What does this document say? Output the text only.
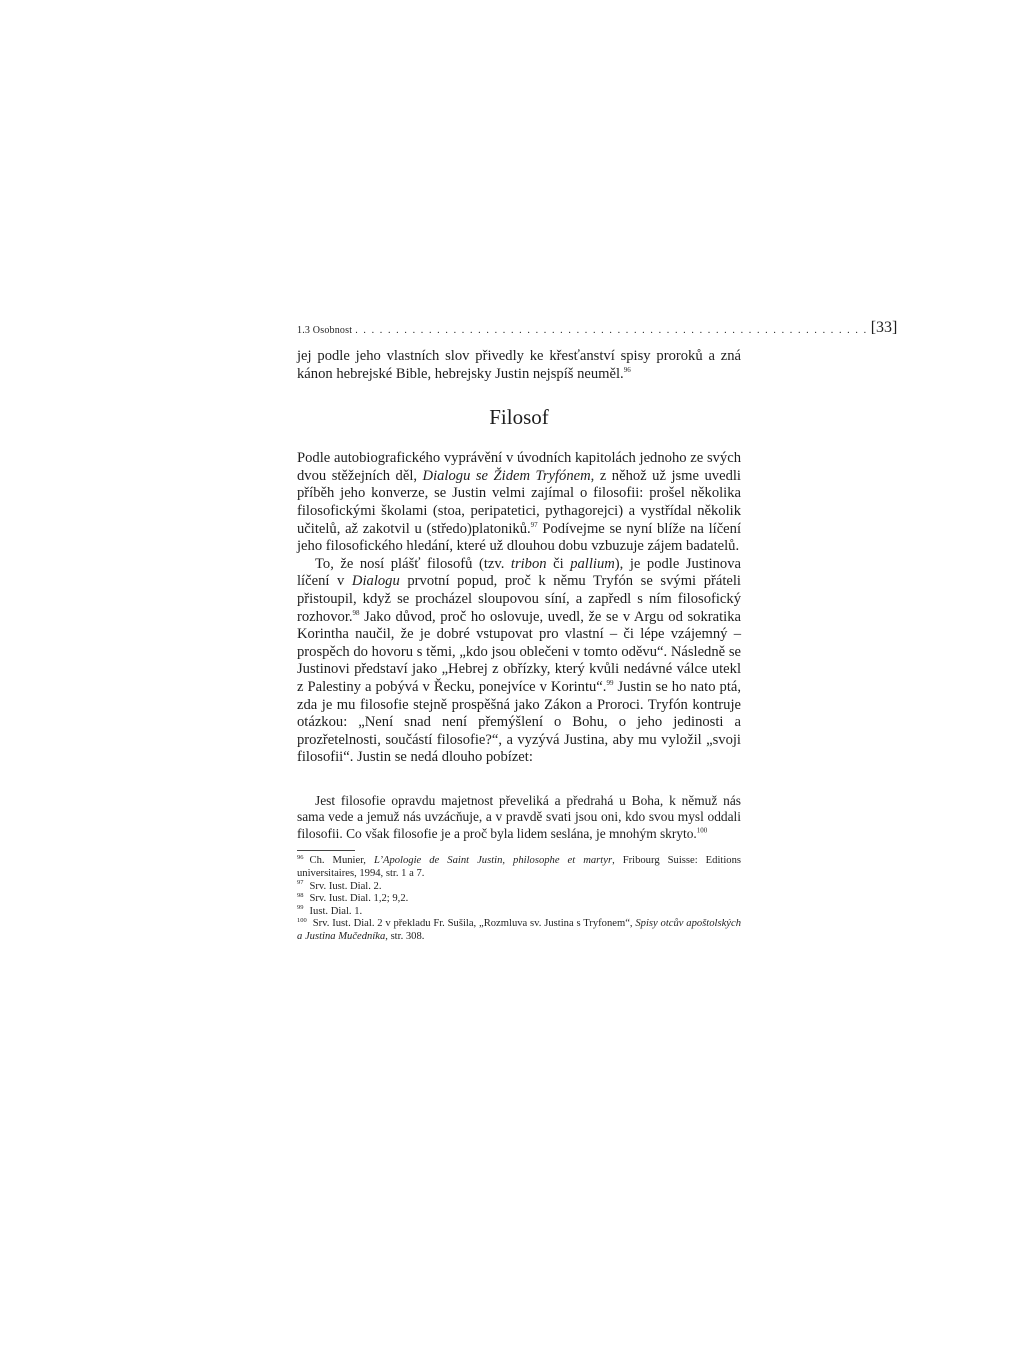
1.3 Osobnost . . . . . . . . . . . . . . . . . . . . . . . . . . . . . . . . . . . . . . . . . . . . . . . . . . . . . . . . . . . . . . . [33]

jej podle jeho vlastních slov přivedly ke křesťanství spisy proroků a zná kánon hebrejské Bible, hebrejsky Justin nejspíš neuměl.$^{96}$

Filosof

Podle autobiografického vyprávění v úvodních kapitolách jednoho ze svých dvou stěžejních děl, Dialogu se Židem Tryfónem, z něhož už jsme uvedli příběh jeho konverze, se Justin velmi zajímal o filosofii: prošel několika filosofickými školami (stoa, peripatetici, pythagorejci) a vystřídal několik učitelů, až zakotvil u (středo)platoniků.$^{97}$ Podívejme se nyní blíže na líčení jeho filosofického hledání, které už dlouhou dobu vzbuzuje zájem badatelů.

To, že nosí plášť filosofů (tzv. tribon či pallium), je podle Justinova líčení v Dialogu prvotní popud, proč k němu Tryfón se svými přáteli přistoupil, když se procházel sloupovou síní, a zapředl s ním filosofický rozhovor.$^{98}$ Jako důvod, proč ho oslovuje, uvedl, že se v Argu od sokratika Korintha naučil, že je dobré vstupovat pro vlastní – či lépe vzájemný – prospěch do hovoru s těmi, „kdo jsou oblečeni v tomto oděvu“. Následně se Justinovi představí jako „Hebrej z obřízky, který kvůli nedávné válce utekl z Palestiny a pobývá v Řecku, ponejvíce v Korintu“.$^{99}$ Justin se ho nato ptá, zda je mu filosofie stejně prospěšná jako Zákon a Proroci. Tryfón kontruje otázkou: „Není snad není přemýšlení o Bohu, o jeho jedinosti a prozřetelnosti, součástí filosofie?“, a vyzývá Justina, aby mu vyložil „svoji filosofii“. Justin se nedá dlouho pobízet:

Jest filosofie opravdu majetnost převeliká a předrahá u Boha, k němuž nás sama vede a jemuž nás uvzácňuje, a v pravdě svati jsou oni, kdo svou mysl oddali filosofii. Co však filosofie je a proč byla lidem seslána, je mnohým skryto.$^{100}$

$^{96}$ Ch. Munier, L’Apologie de Saint Justin, philosophe et martyr, Fribourg Suisse: Editions universitaires, 1994, str. 1 a 7.

$^{97}$ Srv. Iust. Dial. 2.

$^{98}$ Srv. Iust. Dial. 1,2; 9,2.

$^{99}$ Iust. Dial. 1.

$^{100}$ Srv. Iust. Dial. 2 v překladu Fr. Sušila, „Rozmluva sv. Justina s Tryfonem“, Spisy otcův apoštolských a Justina Mučedníka, str. 308.
